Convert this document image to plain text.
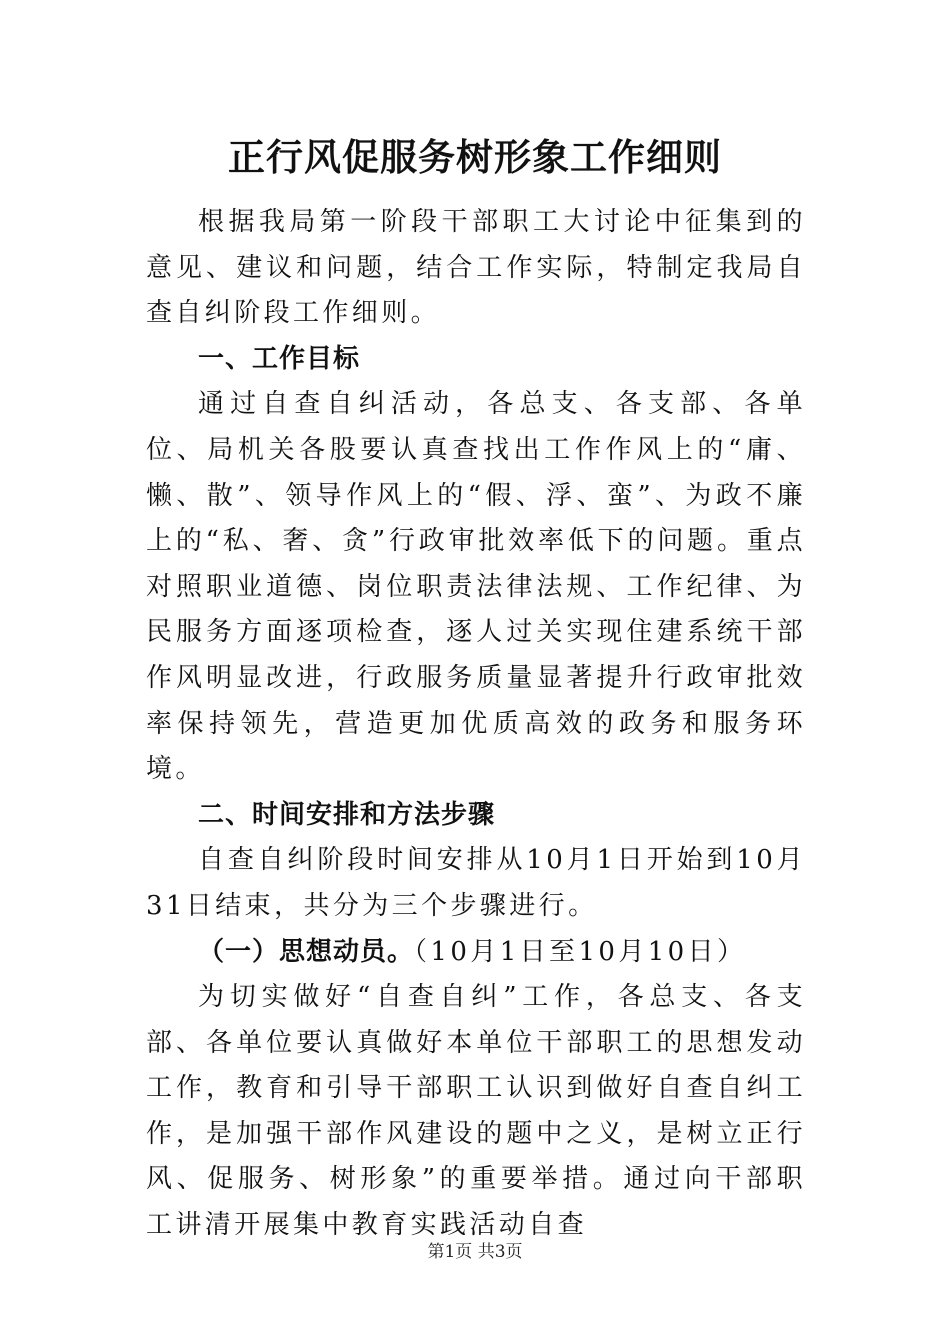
正行风促服务树形象工作细则

根据我局第一阶段干部职工大讨论中征集到的意见、建议和问题，结合工作实际，特制定我局自查自纠阶段工作细则。

一、工作目标

通过自查自纠活动，各总支、各支部、各单位、局机关各股要认真查找出工作作风上的“庸、懒、散”、领导作风上的“假、浮、蛮”、为政不廉上的“私、奢、贪”行政审批效率低下的问题。重点对照职业道德、岗位职责法律法规、工作纪律、为民服务方面逐项检查，逐人过关实现住建系统干部作风明显改进，行政服务质量显著提升行政审批效率保持领先，营造更加优质高效的政务和服务环境。

二、时间安排和方法步骤

自查自纠阶段时间安排从10月1日开始到10月31日结束，共分为三个步骤进行。

（一）思想动员。（10月1日至10月10日）

为切实做好“自查自纠”工作，各总支、各支部、各单位要认真做好本单位干部职工的思想发动工作，教育和引导干部职工认识到做好自查自纠工作，是加强干部作风建设的题中之义，是树立正行风、促服务、树形象”的重要举措。通过向干部职工讲清开展集中教育实践活动自查

第1页 共3页
